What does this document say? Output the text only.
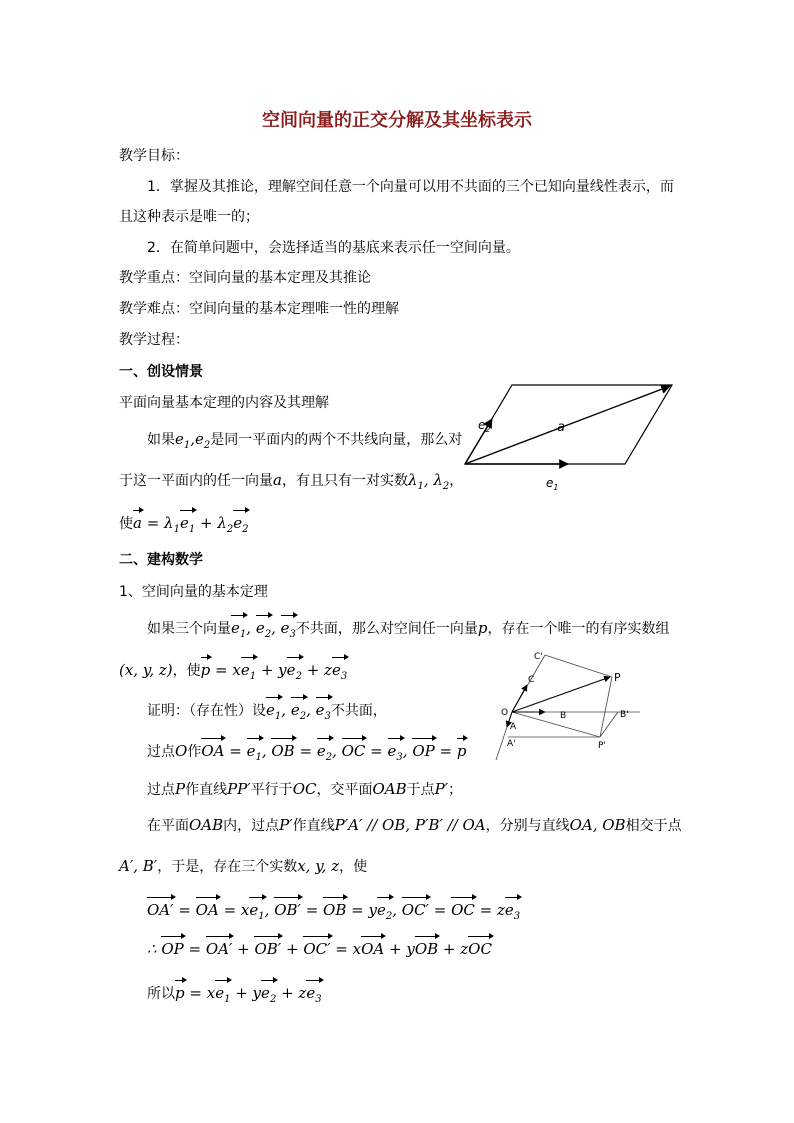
空间向量的正交分解及其坐标表示
教学目标：
1．掌握及其推论，理解空间任意一个向量可以用不共面的三个已知向量线性表示，而
且这种表示是唯一的；
2．在简单问题中，会选择适当的基底来表示任一空间向量。
教学重点：空间向量的基本定理及其推论
教学难点：空间向量的基本定理唯一性的理解
教学过程：
一、创设情景
平面向量基本定理的内容及其理解
如果$e_1,e_2$是同一平面内的两个不共线向量，那么对
于这一平面内的任一向量a，有且只有一对实数$\lambda_1$, $\lambda_2$，
使$a = \lambda_1e_1 + \lambda_2e_2$
$e_2$	a
$e_1$
二、建构数学
1、空间向量的基本定理
如果三个向量$e_1$, $e_2$, $e_3$不共面，那么对空间任一向量p，存在一个唯一的有序实数组
(x, y, z)，使$p = xe_1 + ye_2 + ze_3$
证明：（存在性）设$e_1$, $e_2$, $e_3$不共面，
过点O作OA = $e_1$, OB = $e_2$, OC = $e_3$, OP = p
过点P作直线PP′平行于OC，交平面OAB于点P′；
在平面OAB内，过点P′作直线P′A′ // OB, P′B′ // OA，分别与直线OA, OB相交于点
A′, B′，于是，存在三个实数x, y, z，使
OA′ = OA = $xe_1$, OB′ = OB = $ye_2$, OC′ = OC = $ze_3$
∴ OP = OA′ + OB′ + OC′ = xOA + yOB + zOC
所以$p = xe_1 + ye_2 + ze_3$
C'
C	P
O	B	B'
A
A'	P'
